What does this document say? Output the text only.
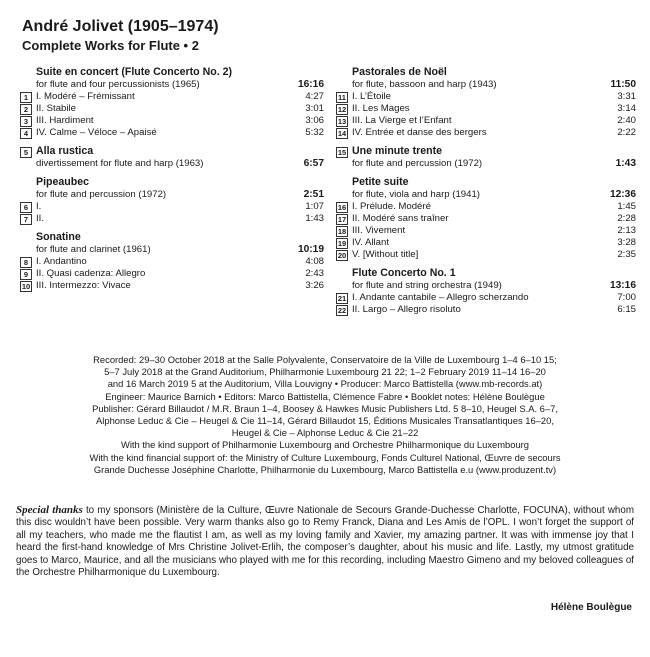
André Jolivet (1905–1974)
Complete Works for Flute • 2
Suite en concert (Flute Concerto No. 2)
for flute and four percussionists (1965)	16:16
1 I. Modéré – Frémissant	4:27
2 II. Stabile	3:01
3 III. Hardiment	3:06
4 IV. Calme – Véloce – Apaisé	5:32
5 Alla rustica
divertissement for flute and harp (1963)	6:57
Pipeaubec
for flute and percussion (1972)	2:51
6 I.	1:07
7 II.	1:43
Sonatine
for flute and clarinet (1961)	10:19
8 I. Andantino	4:08
9 II. Quasi cadenza: Allegro	2:43
10 III. Intermezzo: Vivace	3:26
Pastorales de Noël
for flute, bassoon and harp (1943)	11:50
11 I. L’Étoile	3:31
12 II. Les Mages	3:14
13 III. La Vierge et l’Enfant	2:40
14 IV. Entrée et danse des bergers	2:22
15 Une minute trente
for flute and percussion (1972)	1:43
Petite suite
for flute, viola and harp (1941)	12:36
16 I. Prélude. Modéré	1:45
17 II. Modéré sans traîner	2:28
18 III. Vivement	2:13
19 IV. Allant	3:28
20 V. [Without title]	2:35
Flute Concerto No. 1
for flute and string orchestra (1949)	13:16
21 I. Andante cantabile – Allegro scherzando	7:00
22 II. Largo – Allegro risoluto	6:15
Recorded: 29–30 October 2018 at the Salle Polyvalente, Conservatoire de la Ville de Luxembourg 1–4 6–10 15;
5–7 July 2018 at the Grand Auditorium, Philharmonie Luxembourg 21 22; 1–2 February 2019 11–14 16–20
and 16 March 2019 5 at the Auditorium, Villa Louvigny • Producer: Marco Battistella (www.mb-records.at)
Engineer: Maurice Barnich • Editors: Marco Battistella, Clémence Fabre • Booklet notes: Hélène Boulègue
Publisher: Gérard Billaudot / M.R. Braun 1–4, Boosey & Hawkes Music Publishers Ltd. 5 8–10, Heugel S.A. 6–7,
Alphonse Leduc & Cie – Heugel & Cie 11–14, Gérard Billaudot 15, Éditions Musicales Transatlantiques 16–20,
Heugel & Cie – Alphonse Leduc & Cie 21–22
With the kind support of Philharmonie Luxembourg and Orchestre Philharmonique du Luxembourg
With the kind financial support of: the Ministry of Culture Luxembourg, Fonds Culturel National, Œuvre de secours
Grande Duchesse Joséphine Charlotte, Philharmonie du Luxembourg, Marco Battistella e.u (www.produzent.tv)
Special thanks to my sponsors (Ministère de la Culture, Œuvre Nationale de Secours Grande-Duchesse Charlotte, FOCUNA), without whom this disc wouldn’t have been possible. Very warm thanks also go to Remy Franck, Diana and Les Amis de l’OPL. I won’t forget the support of all my teachers, who made me the flautist I am, as well as my loving family and Xavier, my amazing partner. It was with immense joy that I heard the first-hand knowledge of Mrs Christine Jolivet-Erlih, the composer’s daughter, about his music and life. Lastly, my utmost gratitude goes to Marco, Maurice, and all the musicians who played with me for this recording, including Maestro Gimeno and my beloved colleagues of the Orchestre Philharmonique du Luxembourg.
Hélène Boulègue
